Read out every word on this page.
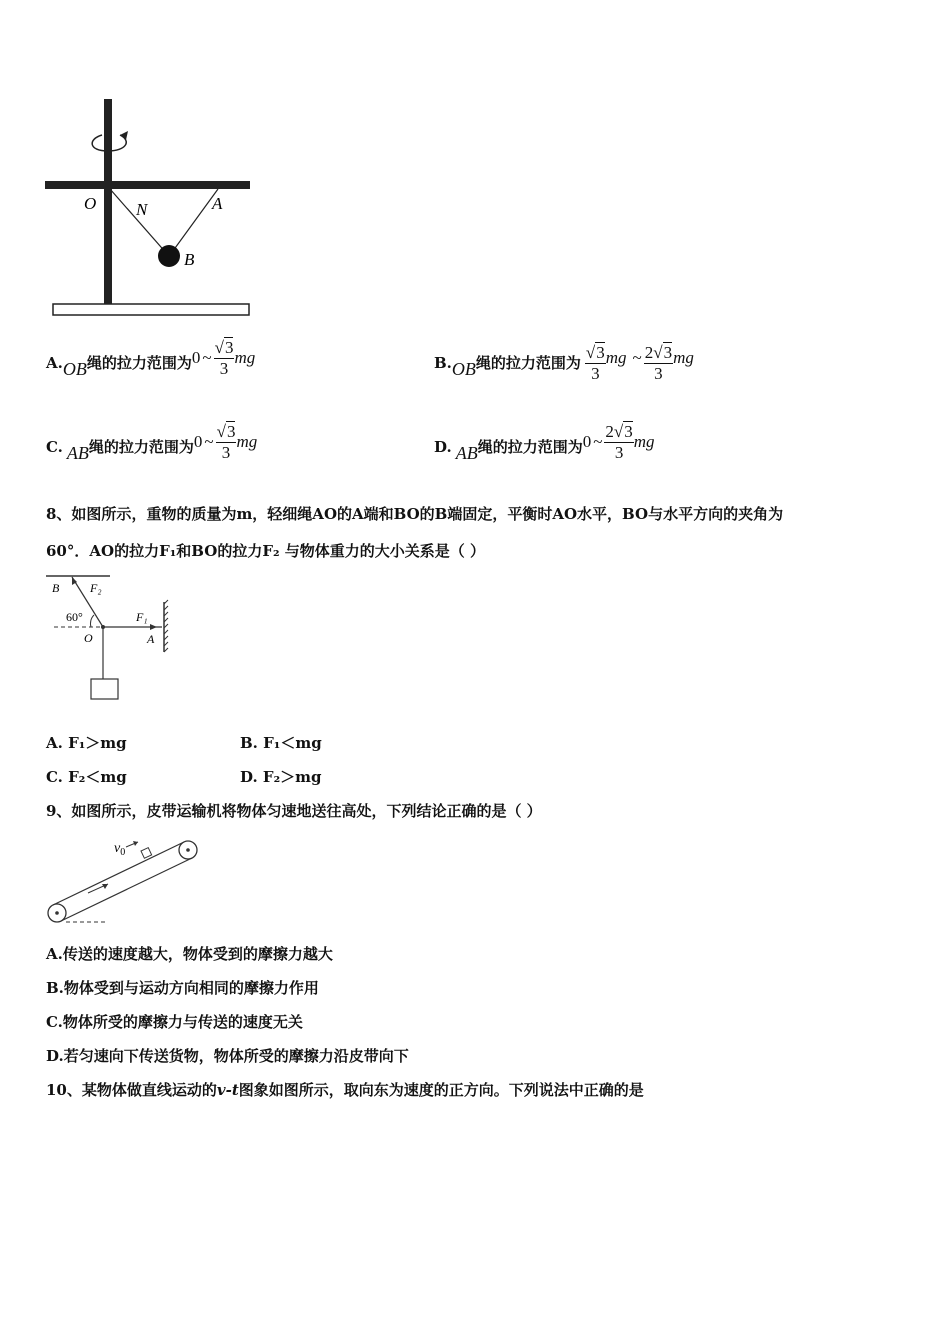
O N	A
B
A. OB 绳的拉力范围为 0 ~ $\frac{√3}{3}$ mg	B. OB 绳的拉力范围为 $\frac{√3}{3}$ mg ~ $\frac{2√3}{3}$ mg
C. AB 绳的拉力范围为 0 ~ $\frac{√3}{3}$ mg	D. AB 绳的拉力范围为 0 ~ $\frac{2√3}{3}$ mg
8、如图所示，重物的质量为m，轻细绳AO的A端和BO的B端固定，平衡时AO水平，BO与水平方向的夹角为
60°．AO的拉力F₁和BO的拉力F₂ 与物体重力的大小关系是（ ）
B	F₂
60°	F₁
O	A
A. F₁＞mg	B. F₁＜mg
C. F₂＜mg	D. F₂＞mg
9、如图所示，皮带运输机将物体匀速地送往高处，下列结论正确的是（ ）
$v_0$
A.传送的速度越大，物体受到的摩擦力越大
B.物体受到与运动方向相同的摩擦力作用
C.物体所受的摩擦力与传送的速度无关
D.若匀速向下传送货物，物体所受的摩擦力沿皮带向下
10、某物体做直线运动的v-t图象如图所示，取向东为速度的正方向。下列说法中正确的是
